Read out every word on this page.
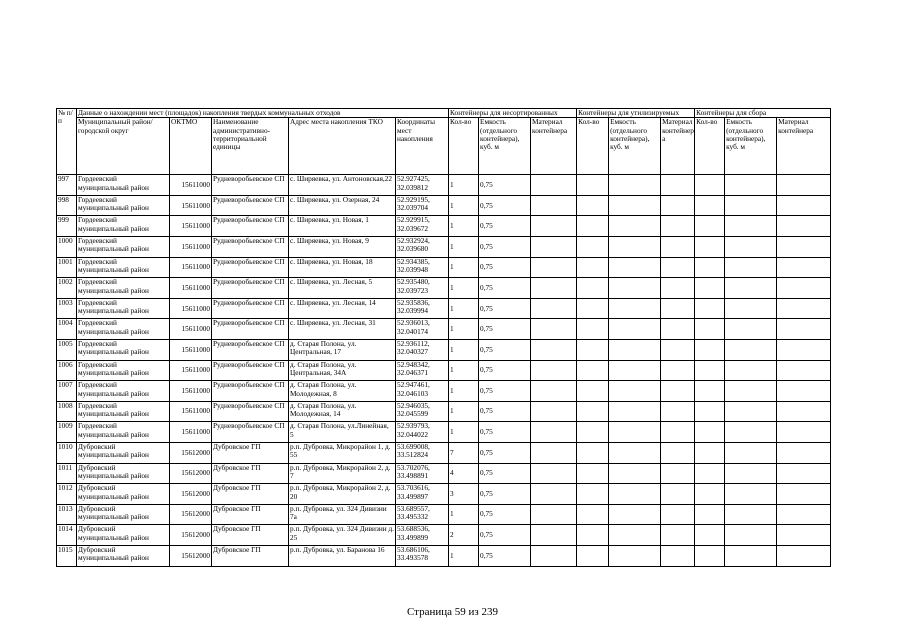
№ п/п	Данные о нахождении мест (площадок) накопления твердых коммунальных отходов					Контейнеры для несортированных			Контейнеры для утилизируемых			Контейнеры для сбора		
	Муниципальный район/городской округ	ОКТМО	Наименование административно-территориальной единицы	Адрес места накопления ТКО	Координаты мест накопления	Кол-во	Емкость (отдельного контейнера), куб. м	Материал контейнера	Кол-во	Емкость (отдельного контейнера), куб. м	Материал контейнер а	Кол-во	Емкость (отдельного контейнера), куб. м	Материал контейнера
997	Гордеевский муниципальный район	15611000	Рудневоробьевское СП	с. Ширяевка, ул. Антоновская,22	52.927425, 32.039812	1	0,75							
998	Гордеевский муниципальный район	15611000	Рудневоробьевское СП	с. Ширяевка, ул. Озерная, 24	52.929195, 32.039704	1	0,75							
999	Гордеевский муниципальный район	15611000	Рудневоробьевское СП	с. Ширяевка, ул. Новая, 1	52.929915, 32.039672	1	0,75							
1000	Гордеевский муниципальный район	15611000	Рудневоробьевское СП	с. Ширяевка, ул. Новая, 9	52.932924, 32.039680	1	0,75							
1001	Гордеевский муниципальный район	15611000	Рудневоробьевское СП	с. Ширяевка, ул. Новая, 18	52.934385, 32.039948	1	0,75							
1002	Гордеевский муниципальный район	15611000	Рудневоробьевское СП	с. Ширяевка, ул. Лесная, 5	52.935480, 32.039723	1	0,75							
1003	Гордеевский муниципальный район	15611000	Рудневоробьевское СП	с. Ширяевка, ул. Лесная, 14	52.935836, 32.039994	1	0,75							
1004	Гордеевский муниципальный район	15611000	Рудневоробьевское СП	с. Ширяевка, ул. Лесная, 31	52.936013, 32.040174	1	0,75							
1005	Гордеевский муниципальный район	15611000	Рудневоробьевское СП	д. Старая Полона, ул. Центральная, 17	52.936112, 32.040327	1	0,75							
1006	Гордеевский муниципальный район	15611000	Рудневоробьевское СП	д. Старая Полона, ул. Центральная, 34А	52.948342, 32.046371	1	0,75							
1007	Гордеевский муниципальный район	15611000	Рудневоробьевское СП	д. Старая Полона, ул. Молодежная, 8	52.947461, 32.046103	1	0,75							
1008	Гордеевский муниципальный район	15611000	Рудневоробьевское СП	д. Старая Полона, ул. Молодежная, 14	52.946035, 32.045599	1	0,75							
1009	Гордеевский муниципальный район	15611000	Рудневоробьевское СП	д. Старая Полона, ул.Линейная, 5	52.939793, 32.044022	1	0,75							
1010	Дубровский муниципальный район	15612000	Дубровское ГП	р.п. Дубровка, Микрорайон 1, д. 55	53.699008, 33.512824	7	0,75							
1011	Дубровский муниципальный район	15612000	Дубровское ГП	р.п. Дубровка, Микрорайон 2, д. 7	53.702076, 33.498891	4	0,75							
1012	Дубровский муниципальный район	15612000	Дубровское ГП	р.п. Дубровка, Микрорайон 2, д. 20	53.703616, 33.499897	3	0,75							
1013	Дубровский муниципальный район	15612000	Дубровское ГП	р.п. Дубровка, ул. 324 Дивизии 7а	53.689557, 33.495332	1	0,75							
1014	Дубровский муниципальный район	15612000	Дубровское ГП	р.п. Дубровка, ул. 324 Дивизии д. 25	53.688536, 33.499899	2	0,75							
1015	Дубровский муниципальный район	15612000	Дубровское ГП	р.п. Дубровка, ул. Баранова 16	53.686106, 33.493578	1	0,75							
Страница 59 из 239
